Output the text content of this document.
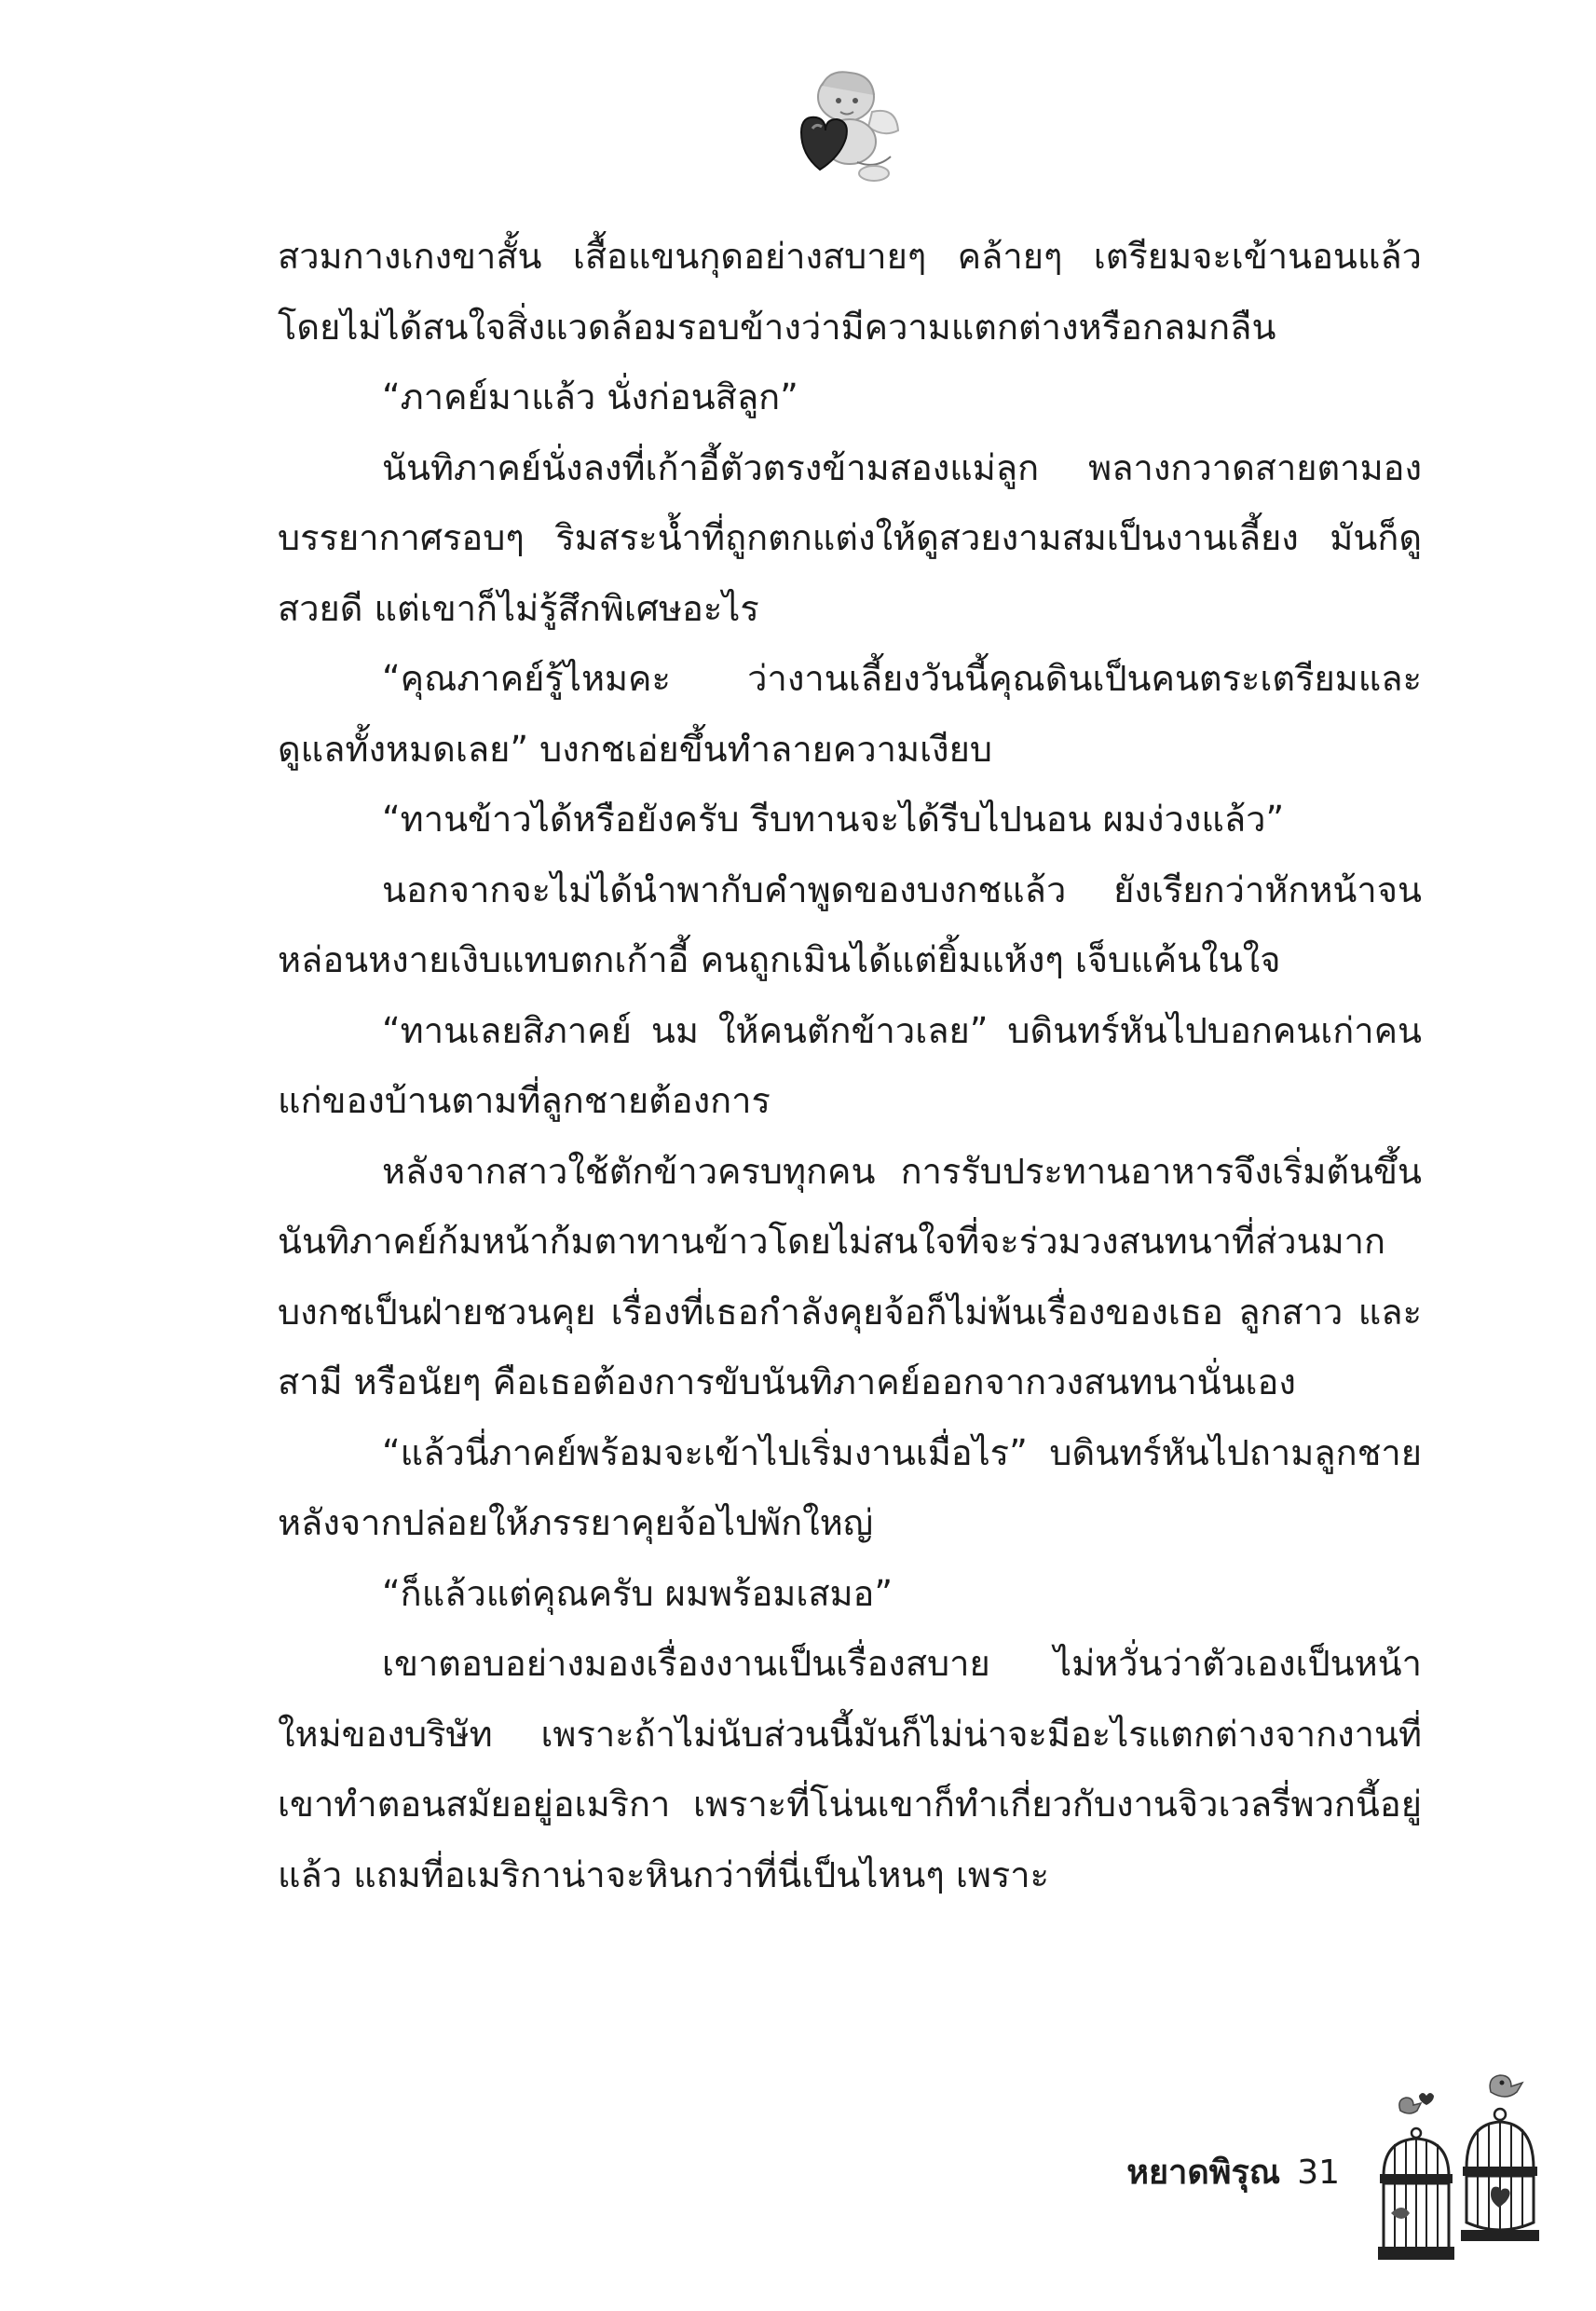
สวมกางเกงขาสั้น เสื้อแขนกุดอย่างสบายๆ คล้ายๆ เตรียมจะเข้านอนแล้ว โดยไม่ได้สนใจสิ่งแวดล้อมรอบข้างว่ามีความแตกต่างหรือกลมกลืน

“ภาคย์มาแล้ว นั่งก่อนสิลูก”

นันทิภาคย์นั่งลงที่เก้าอี้ตัวตรงข้ามสองแม่ลูก พลางกวาดสายตามองบรรยากาศรอบๆ ริมสระน้ำที่ถูกตกแต่งให้ดูสวยงามสมเป็นงานเลี้ยง มันก็ดูสวยดี แต่เขาก็ไม่รู้สึกพิเศษอะไร

“คุณภาคย์รู้ไหมคะ ว่างานเลี้ยงวันนี้คุณดินเป็นคนตระเตรียมและดูแลทั้งหมดเลย” บงกชเอ่ยขึ้นทำลายความเงียบ

“ทานข้าวได้หรือยังครับ รีบทานจะได้รีบไปนอน ผมง่วงแล้ว”

นอกจากจะไม่ได้นำพากับคำพูดของบงกชแล้ว ยังเรียกว่าหักหน้าจนหล่อนหงายเงิบแทบตกเก้าอี้ คนถูกเมินได้แต่ยิ้มแห้งๆ เจ็บแค้นในใจ

“ทานเลยสิภาคย์ นม ให้คนตักข้าวเลย” บดินทร์หันไปบอกคนเก่าคนแก่ของบ้านตามที่ลูกชายต้องการ

หลังจากสาวใช้ตักข้าวครบทุกคน การรับประทานอาหารจึงเริ่มต้นขึ้น นันทิภาคย์ก้มหน้าก้มตาทานข้าวโดยไม่สนใจที่จะร่วมวงสนทนาที่ส่วนมากบงกชเป็นฝ่ายชวนคุย เรื่องที่เธอกำลังคุยจ้อก็ไม่พ้นเรื่องของเธอ ลูกสาว และสามี หรือนัยๆ คือเธอต้องการขับนันทิภาคย์ออกจากวงสนทนานั่นเอง

“แล้วนี่ภาคย์พร้อมจะเข้าไปเริ่มงานเมื่อไร” บดินทร์หันไปถามลูกชายหลังจากปล่อยให้ภรรยาคุยจ้อไปพักใหญ่

“ก็แล้วแต่คุณครับ ผมพร้อมเสมอ”

เขาตอบอย่างมองเรื่องงานเป็นเรื่องสบาย ไม่หวั่นว่าตัวเองเป็นหน้าใหม่ของบริษัท เพราะถ้าไม่นับส่วนนี้มันก็ไม่น่าจะมีอะไรแตกต่างจากงานที่เขาทำตอนสมัยอยู่อเมริกา เพราะที่โน่นเขาก็ทำเกี่ยวกับงานจิวเวลรี่พวกนี้อยู่แล้ว แถมที่อเมริกาน่าจะหินกว่าที่นี่เป็นไหนๆ เพราะ

หยาดพิรุณ 31
